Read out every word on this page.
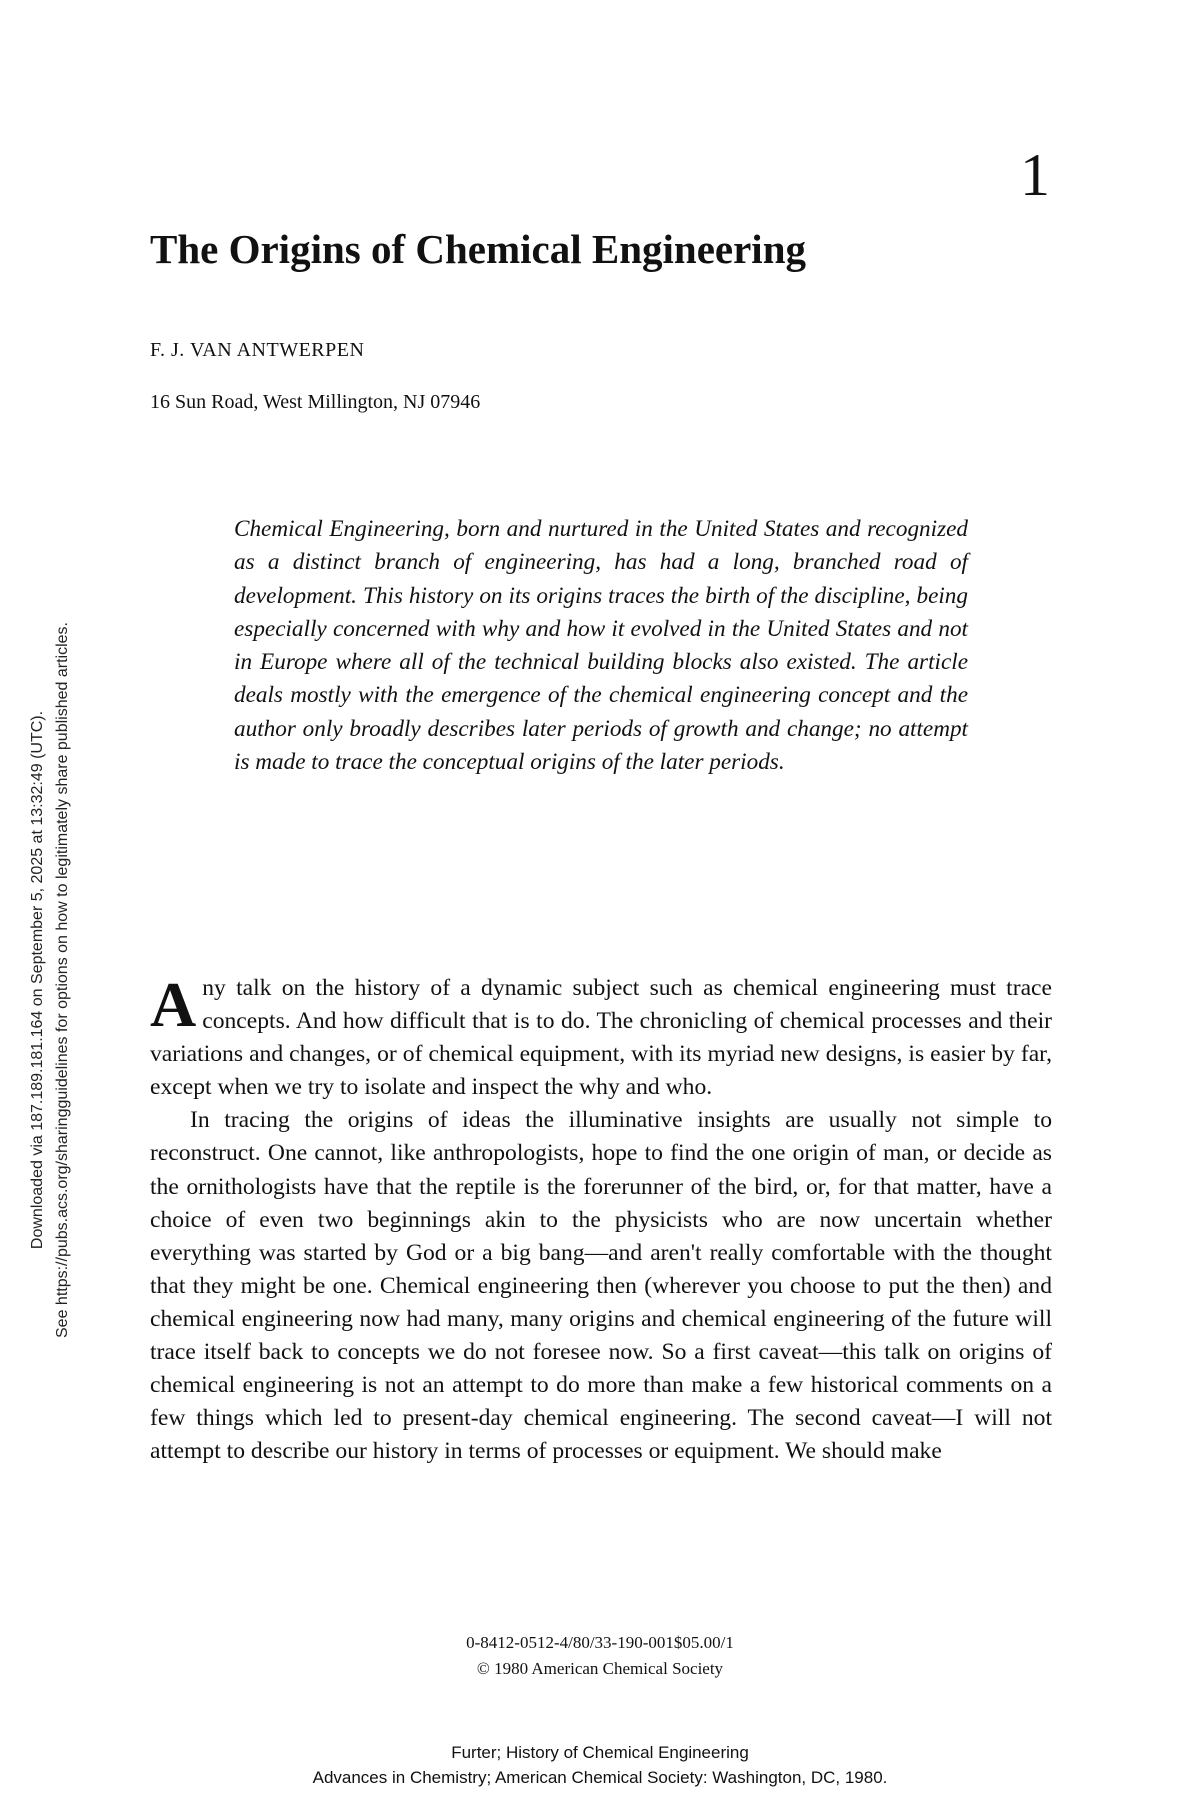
1
The Origins of Chemical Engineering
F. J. VAN ANTWERPEN
16 Sun Road, West Millington, NJ 07946

Chemical Engineering, born and nurtured in the United States and recognized as a distinct branch of engineering, has had a long, branched road of development. This history on its origins traces the birth of the discipline, being especially concerned with why and how it evolved in the United States and not in Europe where all of the technical building blocks also existed. The article deals mostly with the emergence of the chemical engineering concept and the author only broadly describes later periods of growth and change; no attempt is made to trace the conceptual origins of the later periods.

Any talk on the history of a dynamic subject such as chemical engineering must trace concepts. And how difficult that is to do. The chronicling of chemical processes and their variations and changes, or of chemical equipment, with its myriad new designs, is easier by far, except when we try to isolate and inspect the why and who.

In tracing the origins of ideas the illuminative insights are usually not simple to reconstruct. One cannot, like anthropologists, hope to find the one origin of man, or decide as the ornithologists have that the reptile is the forerunner of the bird, or, for that matter, have a choice of even two beginnings akin to the physicists who are now uncertain whether everything was started by God or a big bang—and aren't really comfortable with the thought that they might be one. Chemical engineering then (wherever you choose to put the then) and chemical engineering now had many, many origins and chemical engineering of the future will trace itself back to concepts we do not foresee now. So a first caveat—this talk on origins of chemical engineering is not an attempt to do more than make a few historical comments on a few things which led to present-day chemical engineering. The second caveat—I will not attempt to describe our history in terms of processes or equipment. We should make

0-8412-0512-4/80/33-190-001$05.00/1
© 1980 American Chemical Society
Furter; History of Chemical Engineering
Advances in Chemistry; American Chemical Society: Washington, DC, 1980.
Downloaded via 187.189.181.164 on September 5, 2025 at 13:32:49 (UTC). See https://pubs.acs.org/sharingguidelines for options on how to legitimately share published articles.
